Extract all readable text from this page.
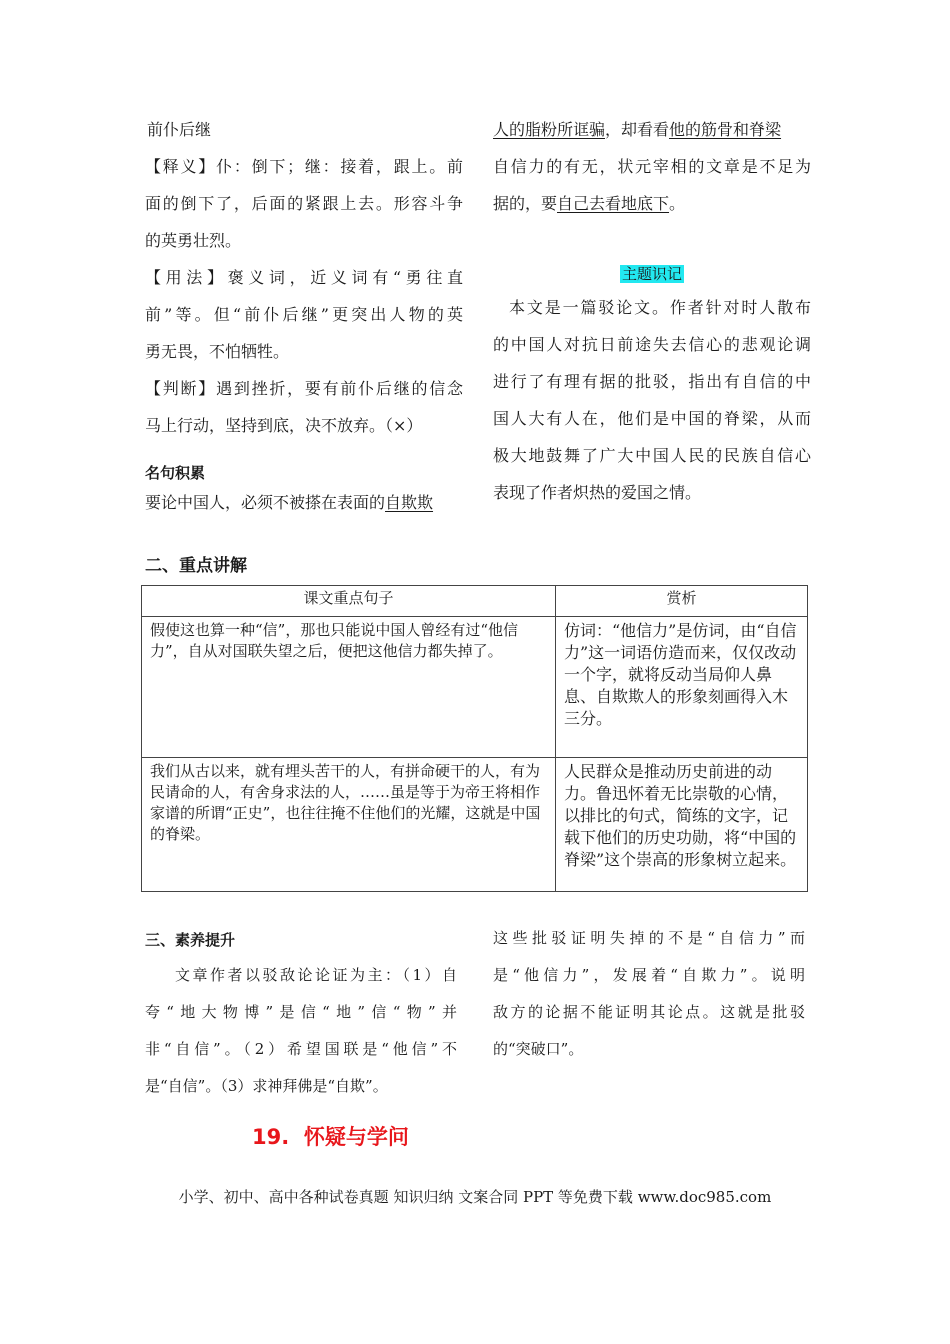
前仆后继
【释义】仆：倒下；继：接着，跟上。前
面的倒下了，后面的紧跟上去。形容斗争
的英勇壮烈。
【用法】褒义词，近义词有“勇往直
前”等。但“前仆后继”更突出人物的英
勇无畏，不怕牺牲。
【判断】遇到挫折，要有前仆后继的信念
马上行动，坚持到底，决不放弃。（×）
名句积累
要论中国人，必须不被搽在表面的自欺欺
人的脂粉所诓骗，却看看他的筋骨和脊梁
自信力的有无，状元宰相的文章是不足为
据的，要自己去看地底下。
主题识记
本文是一篇驳论文。作者针对时人散布
的中国人对抗日前途失去信心的悲观论调
进行了有理有据的批驳，指出有自信的中
国人大有人在，他们是中国的脊梁，从而
极大地鼓舞了广大中国人民的民族自信心
表现了作者炽热的爱国之情。
二、重点讲解
课文重点句子	赏析
假使这也算一种“信”，那也只能说中国人曾经有过“他信力”，自从对国联失望之后，便把这他信力都失掉了。	仿词：“他信力”是仿词，由“自信力”这一词语仿造而来，仅仅改动一个字，就将反动当局仰人鼻息、自欺欺人的形象刻画得入木三分。
我们从古以来，就有埋头苦干的人，有拼命硬干的人，有为民请命的人，有舍身求法的人，……虽是等于为帝王将相作家谱的所谓“正史”，也往往掩不住他们的光耀，这就是中国的脊梁。	人民群众是推动历史前进的动力。鲁迅怀着无比崇敬的心情，以排比的句式，简练的文字，记载下他们的历史功勋，将“中国的脊梁”这个崇高的形象树立起来。
三、素养提升
文章作者以驳敌论论证为主：（1）自
夸“地大物博”是信“地”信“物”并
非“自信”。（2）希望国联是“他信”不
是“自信”。（3）求神拜佛是“自欺”。
这些批驳证明失掉的不是“自信力”而
是“他信力”，发展着“自欺力”。说明
敌方的论据不能证明其论点。这就是批驳
的“突破口”。
19.  怀疑与学问
小学、初中、高中各种试卷真题 知识归纳 文案合同 PPT 等免费下载 www.doc985.com
